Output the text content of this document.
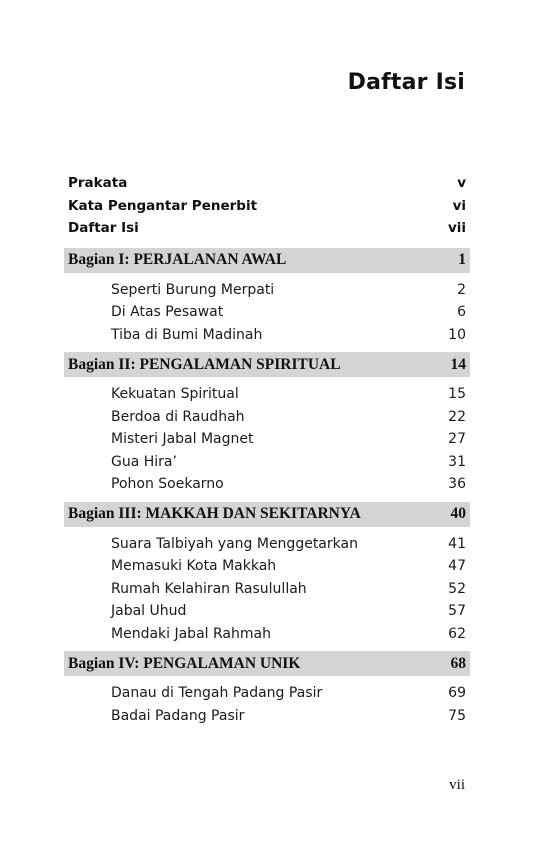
Daftar Isi
Prakata	v
Kata Pengantar Penerbit	vi
Daftar Isi	vii
Bagian I: PERJALANAN AWAL	1
Seperti Burung Merpati	2
Di Atas Pesawat	6
Tiba di Bumi Madinah	10
Bagian II: PENGALAMAN SPIRITUAL	14
Kekuatan Spiritual	15
Berdoa di Raudhah	22
Misteri Jabal Magnet	27
Gua Hira’	31
Pohon Soekarno	36
Bagian III: MAKKAH DAN SEKITARNYA	40
Suara Talbiyah yang Menggetarkan	41
Memasuki Kota Makkah	47
Rumah Kelahiran Rasulullah	52
Jabal Uhud	57
Mendaki Jabal Rahmah	62
Bagian IV: PENGALAMAN UNIK	68
Danau di Tengah Padang Pasir	69
Badai Padang Pasir	75
vii
